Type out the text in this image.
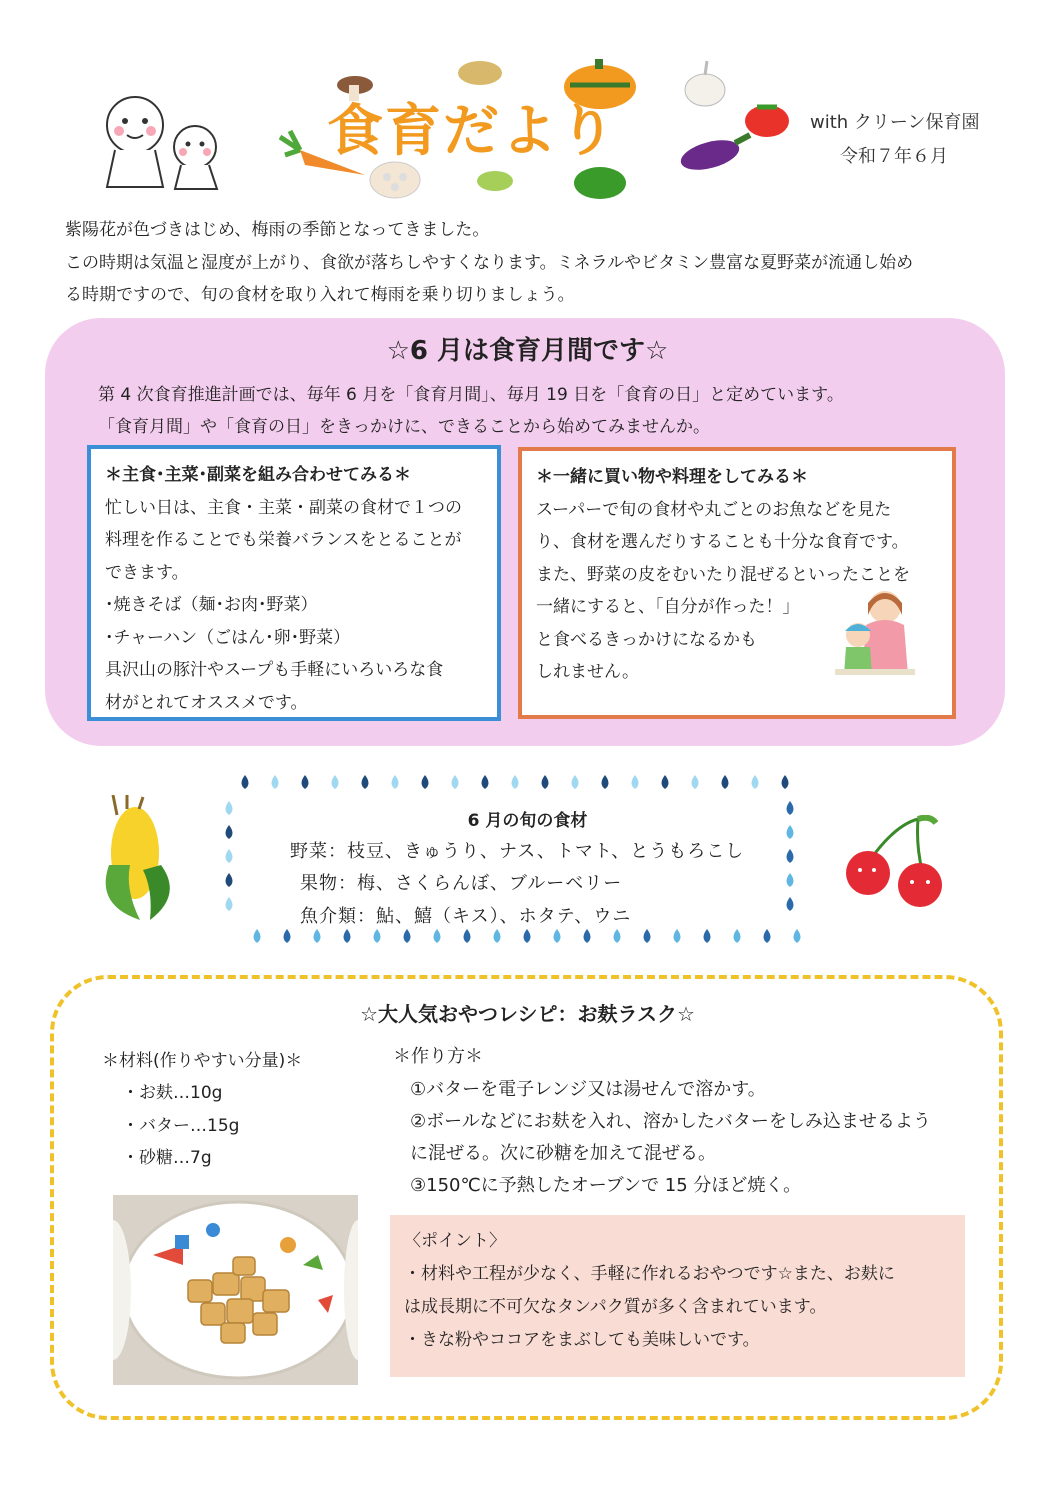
食育だより	with クリーン保育園
令和７年６月
紫陽花が色づきはじめ、梅雨の季節となってきました。
この時期は気温と湿度が上がり、食欲が落ちしやすくなります。ミネラルやビタミン豊富な夏野菜が流通し始め
る時期ですので、旬の食材を取り入れて梅雨を乗り切りましょう。
☆6 月は食育月間です☆
第 4 次食育推進計画では、毎年 6 月を「食育月間」、毎月 19 日を「食育の日」と定めています。
「食育月間」や「食育の日」をきっかけに、できることから始めてみませんか。
＊主食･主菜･副菜を組み合わせてみる＊
忙しい日は、主食・主菜・副菜の食材で１つの
料理を作ることでも栄養バランスをとることが
できます。
･焼きそば（麺･お肉･野菜）
･チャーハン（ごはん･卵･野菜）
具沢山の豚汁やスープも手軽にいろいろな食
材がとれてオススメです。
＊一緒に買い物や料理をしてみる＊
スーパーで旬の食材や丸ごとのお魚などを見た
り、食材を選んだりすることも十分な食育です。
また、野菜の皮をむいたり混ぜるといったことを
一緒にすると、「自分が作った！」
と食べるきっかけになるかも
しれません。
6 月の旬の食材
野菜：枝豆、きゅうり、ナス、トマト、とうもろこし
果物：梅、さくらんぼ、ブルーベリー
魚介類：鮎、鱚（キス）、ホタテ、ウニ
☆大人気おやつレシピ：お麸ラスク☆
＊材料(作りやすい分量)＊
・お麸…10g
・バター…15g
・砂糖…7g
＊作り方＊
①バターを電子レンジ又は湯せんで溶かす。
②ボールなどにお麸を入れ、溶かしたバターをしみ込ませるよう
に混ぜる。次に砂糖を加えて混ぜる。
③150℃に予熱したオーブンで 15 分ほど焼く。
〈ポイント〉
・材料や工程が少なく、手軽に作れるおやつです☆また、お麸に
は成長期に不可欠なタンパク質が多く含まれています。
・きな粉やココアをまぶしても美味しいです。
